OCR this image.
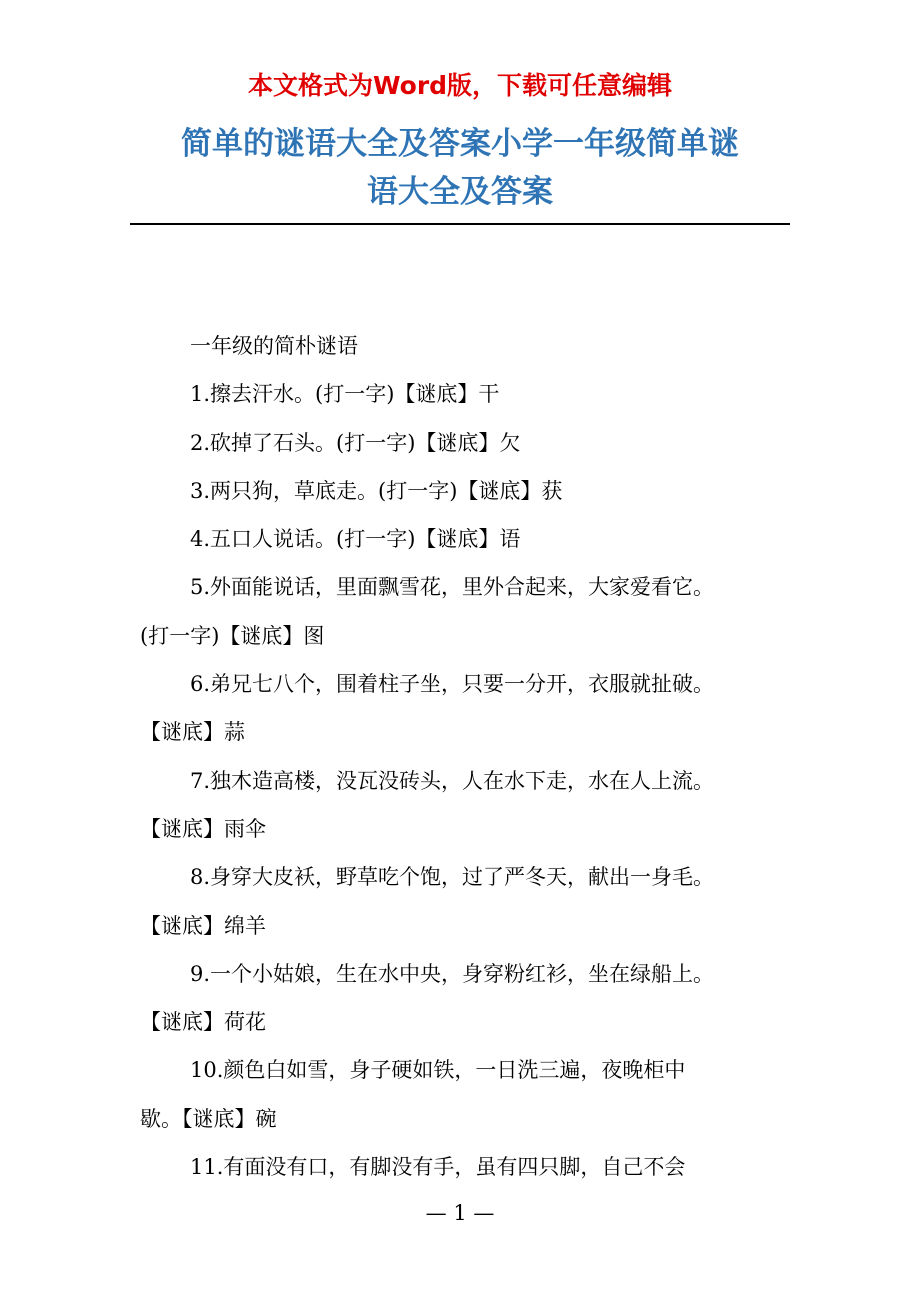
本文格式为Word版，下载可任意编辑
简单的谜语大全及答案小学一年级简单谜
语大全及答案

一年级的简朴谜语

1.擦去汗水。(打一字)【谜底】干

2.砍掉了石头。(打一字)【谜底】欠

3.两只狗，草底走。(打一字)【谜底】获

4.五口人说话。(打一字)【谜底】语

5.外面能说话，里面飘雪花，里外合起来，大家爱看它。
(打一字)【谜底】图

6.弟兄七八个，围着柱子坐，只要一分开，衣服就扯破。
【谜底】蒜

7.独木造高楼，没瓦没砖头，人在水下走，水在人上流。
【谜底】雨伞

8.身穿大皮袄，野草吃个饱，过了严冬天，献出一身毛。
【谜底】绵羊

9.一个小姑娘，生在水中央，身穿粉红衫，坐在绿船上。
【谜底】荷花

10.颜色白如雪，身子硬如铁，一日洗三遍，夜晚柜中
歇。【谜底】碗

11.有面没有口，有脚没有手，虽有四只脚，自己不会

— 1 —
